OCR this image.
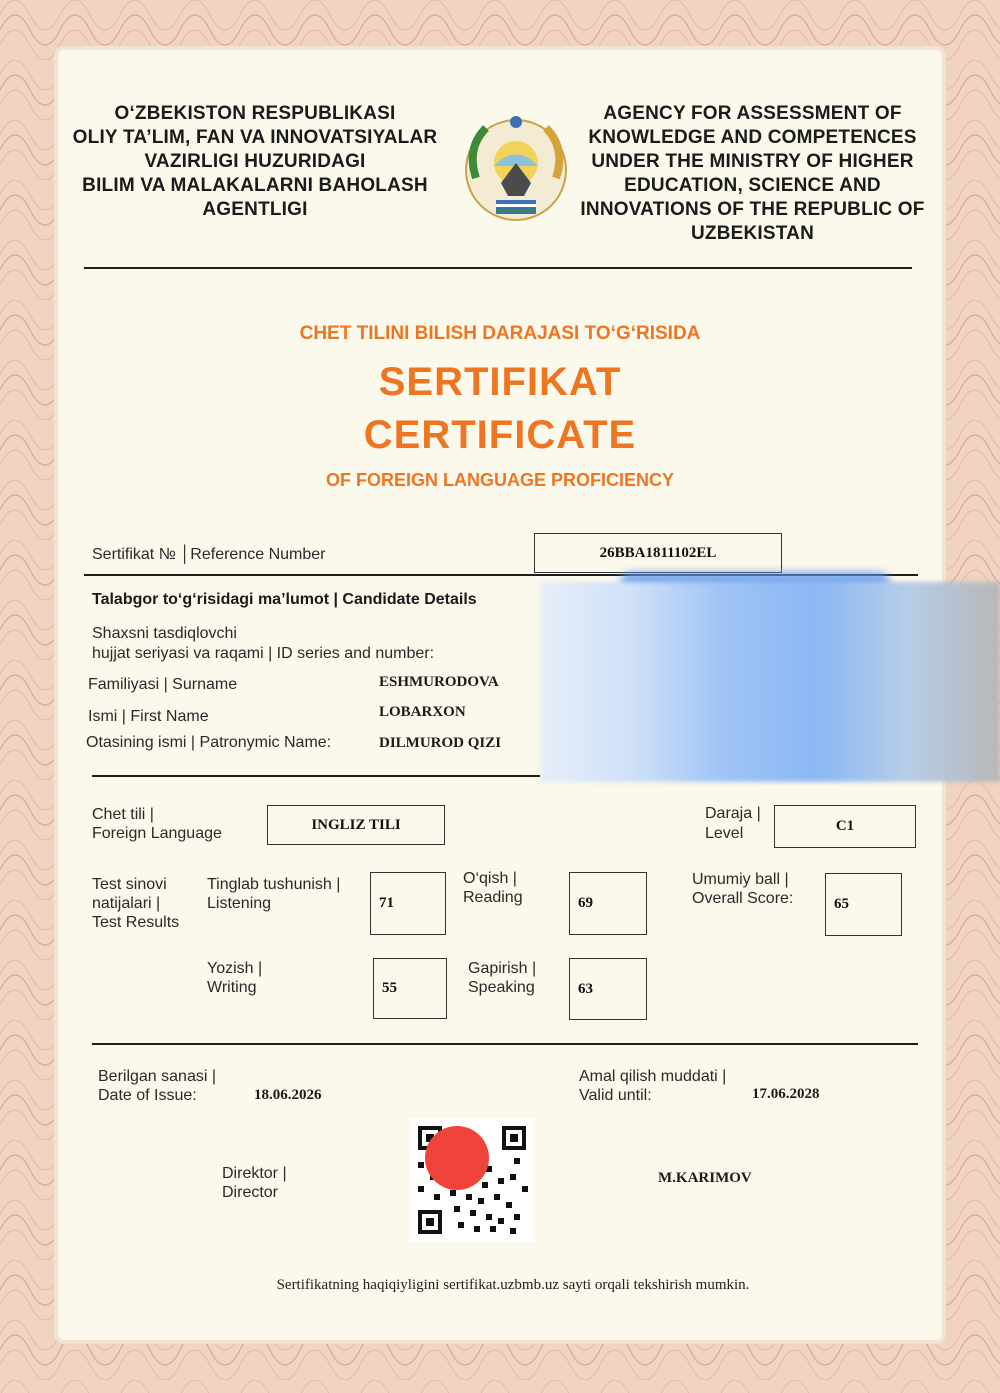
O‘ZBEKISTON RESPUBLIKASI
OLIY TA’LIM, FAN VA INNOVATSIYALAR
VAZIRLIGI HUZURIDAGI
BILIM VA MALAKALARNI BAHOLASH
AGENTLIGI
AGENCY FOR ASSESSMENT OF
KNOWLEDGE AND COMPETENCES
UNDER THE MINISTRY OF HIGHER
EDUCATION, SCIENCE AND
INNOVATIONS OF THE REPUBLIC OF
UZBEKISTAN
CHET TILINI BILISH DARAJASI TO‘G‘RISIDA
SERTIFIKAT
CERTIFICATE
OF FOREIGN LANGUAGE PROFICIENCY
Sertifikat № │Reference Number	26BBA1811102EL
Talabgor to‘g‘risidagi ma’lumot | Candidate Details
Shaxsni tasdiqlovchi
hujjat seriyasi va raqami | ID series and number:
Familiyasi | Surname	ESHMURODOVA
Ismi | First Name	LOBARXON
Otasining ismi | Patronymic Name:	DILMUROD QIZI
Chet tili |
Foreign Language
INGLIZ TILI
Daraja |
Level	C1
Test sinovi
natijalari |
Test Results
Tinglab tushunish |
Listening	71
O‘qish |
Reading	69
Umumiy ball |
Overall Score:	65
Yozish |
Writing	55
Gapirish |
Speaking	63
Berilgan sanasi |
Date of Issue:	18.06.2026
Amal qilish muddati |
Valid until:	17.06.2028
Direktor |
Director
M.KARIMOV
Sertifikatning haqiqiyligini sertifikat.uzbmb.uz sayti orqali tekshirish mumkin.
